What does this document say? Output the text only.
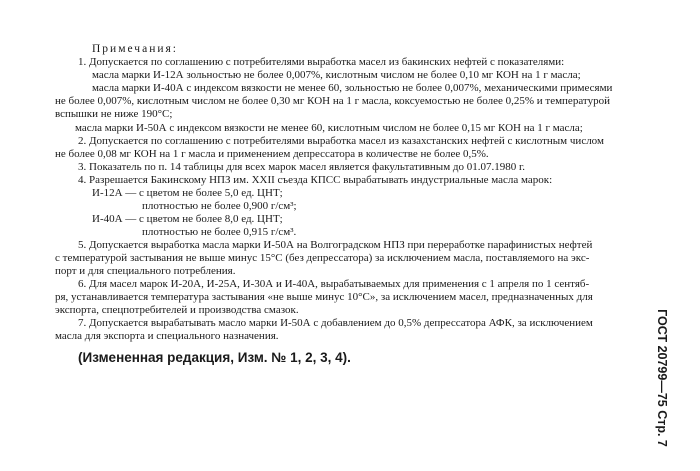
Примечания:
1. Допускается по соглашению с потребителями выработка масел из бакинских нефтей с показателями:
масла марки И-12А зольностью не более 0,007%, кислотным числом не более 0,10 мг КОН на 1 г масла;
масла марки И-40А с индексом вязкости не менее 60, зольностью не более 0,007%, механическими примесями
не более 0,007%, кислотным числом не более 0,30 мг КОН на 1 г масла, коксуемостью не более 0,25% и температурой
вспышки не ниже 190°С;
масла марки И-50А с индексом вязкости не менее 60, кислотным числом не более 0,15 мг КОН на 1 г масла;
2. Допускается по соглашению с потребителями выработка масел из казахстанских нефтей с кислотным числом
не более 0,08 мг КОН на 1 г масла и применением депрессатора в количестве не более 0,5%.
3. Показатель по п. 14 таблицы для всех марок масел является факультативным до 01.07.1980 г.
4. Разрешается Бакинскому НПЗ им. XXII съезда КПСС вырабатывать индустриальные масла марок:
И-12А — с цветом не более 5,0 ед. ЦНТ;
плотностью не более 0,900 г/см³;
И-40А — с цветом не более 8,0 ед. ЦНТ;
плотностью не более 0,915 г/см³.
5. Допускается выработка масла марки И-50А на Волгоградском НПЗ при переработке парафинистых нефтей
с температурой застывания не выше минус 15°С (без депрессатора) за исключением масла, поставляемого на экс-
порт и для специального потребления.
6. Для масел марок И-20А, И-25А, И-30А и И-40А, вырабатываемых для применения с 1 апреля по 1 сентяб-
ря, устанавливается температура застывания «не выше минус 10°С», за исключением масел, предназначенных для
экспорта, спецпотребителей и производства смазок.
7. Допускается вырабатывать масло марки И-50А с добавлением до 0,5% депрессатора АФК, за исключением
масла для экспорта и специального назначения.
(Измененная редакция, Изм. № 1, 2, 3, 4).	ГОСТ 20799—75 Стр. 7
